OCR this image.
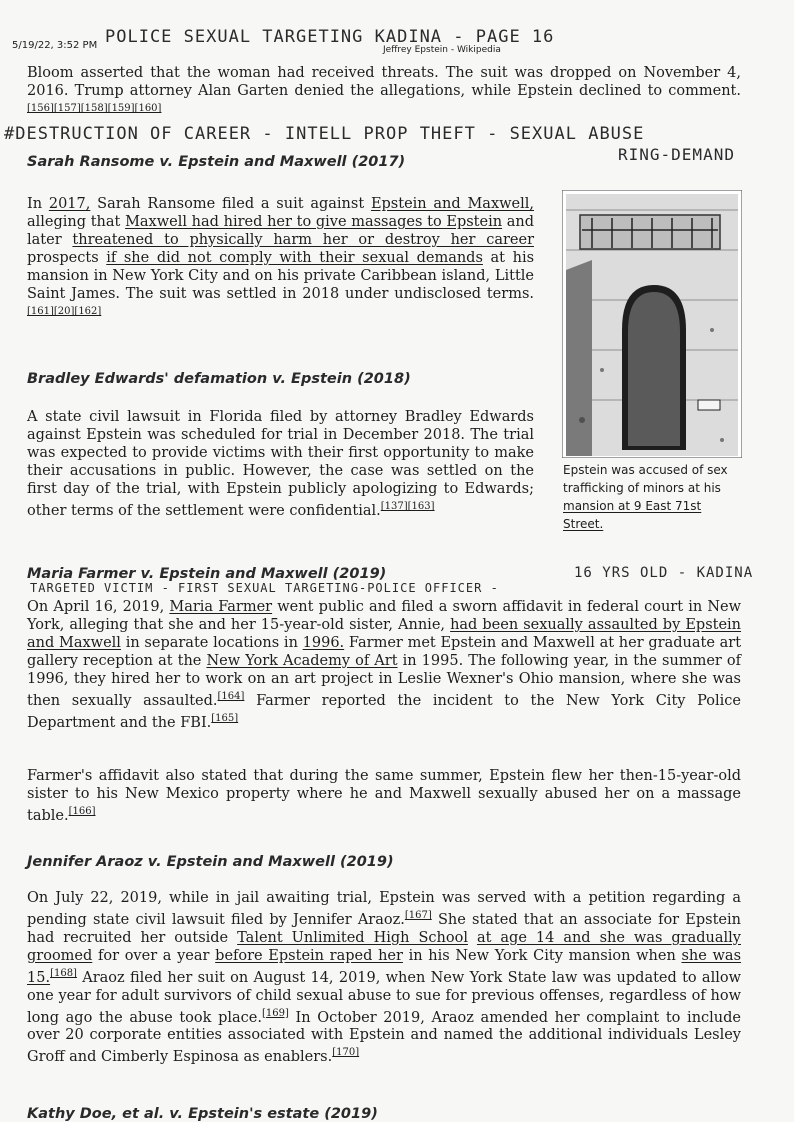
5/19/22, 3:52 PM POLICE SEXUAL TARGETING KADINA - PAGE 16
Jeffrey Epstein - Wikipedia

Bloom asserted that the woman had received threats. The suit was dropped on November 4, 2016. Trump attorney Alan Garten denied the allegations, while Epstein declined to comment.[156][157][158][159][160]

#DESTRUCTION OF CAREER - INTELL PROP THEFT - SEXUAL ABUSE
RING-DEMAND
Sarah Ransome v. Epstein and Maxwell (2017)

In 2017, Sarah Ransome filed a suit against Epstein and Maxwell, alleging that Maxwell had hired her to give massages to Epstein and later threatened to physically harm her or destroy her career prospects if she did not comply with their sexual demands at his mansion in New York City and on his private Caribbean island, Little Saint James. The suit was settled in 2018 under undisclosed terms.[161][20][162]

Epstein was accused of sex trafficking of minors at his mansion at 9 East 71st Street.
Bradley Edwards' defamation v. Epstein (2018)

A state civil lawsuit in Florida filed by attorney Bradley Edwards against Epstein was scheduled for trial in December 2018. The trial was expected to provide victims with their first opportunity to make their accusations in public. However, the case was settled on the first day of the trial, with Epstein publicly apologizing to Edwards; other terms of the settlement were confidential.[137][163]

Maria Farmer v. Epstein and Maxwell (2019)	16 YRS OLD - KADINA
TARGETED VICTIM - FIRST SEXUAL TARGETING-POLICE OFFICER -

On April 16, 2019, Maria Farmer went public and filed a sworn affidavit in federal court in New York, alleging that she and her 15-year-old sister, Annie, had been sexually assaulted by Epstein and Maxwell in separate locations in 1996. Farmer met Epstein and Maxwell at her graduate art gallery reception at the New York Academy of Art in 1995. The following year, in the summer of 1996, they hired her to work on an art project in Leslie Wexner's Ohio mansion, where she was then sexually assaulted.[164] Farmer reported the incident to the New York City Police Department and the FBI.[165]

Farmer's affidavit also stated that during the same summer, Epstein flew her then-15-year-old sister to his New Mexico property where he and Maxwell sexually abused her on a massage table.[166]

Jennifer Araoz v. Epstein and Maxwell (2019)

On July 22, 2019, while in jail awaiting trial, Epstein was served with a petition regarding a pending state civil lawsuit filed by Jennifer Araoz.[167] She stated that an associate for Epstein had recruited her outside Talent Unlimited High School at age 14 and she was gradually groomed for over a year before Epstein raped her in his New York City mansion when she was 15.[168] Araoz filed her suit on August 14, 2019, when New York State law was updated to allow one year for adult survivors of child sexual abuse to sue for previous offenses, regardless of how long ago the abuse took place.[169] In October 2019, Araoz amended her complaint to include over 20 corporate entities associated with Epstein and named the additional individuals Lesley Groff and Cimberly Espinosa as enablers.[170]

Kathy Doe, et al. v. Epstein's estate (2019)
